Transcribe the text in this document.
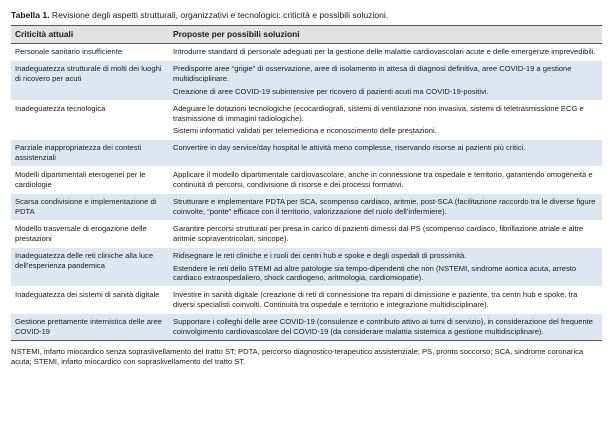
Tabella 1. Revisione degli aspetti strutturali, organizzativi e tecnologici: criticità e possibili soluzioni.
Criticità attuali	Proposte per possibili soluzioni
Personale sanitario insufficiente	Introdurre standard di personale adeguati per la gestione delle malattie cardiovascolari acute e delle emergenze imprevedibili.

Inadeguatezza strutturale di molti dei luoghi di ricovero per acuti	Predisporre aree “grigie” di osservazione, aree di isolamento in attesa di diagnosi definitiva, aree COVID-19 a gestione multidisciplinare.
Creazione di aree COVID-19 subintensive per ricovero di pazienti acuti ma COVID-19-positivi.

Inadeguatezza tecnologica	Adeguare le dotazioni tecnologiche (ecocardiografi, sistemi di ventilazione non invasiva, sistemi di teletrasmissione ECG e trasmissione di immagini radiologiche).
Sistemi informatici validati per telemedicina e riconoscimento delle prestazioni.

Parziale inappropriatezza dei contesti assistenziali	Convertire in day service/day hospital le attività meno complesse, riservando risorse ai pazienti più critici.

Modelli dipartimentali eterogenei per le cardiologie	Applicare il modello dipartimentale cardiovascolare, anche in connessione tra ospedale e territorio, garantendo omogeneità e continuità di percorsi, condivisione di risorse e dei processi formativi.

Scarsa condivisione e implementazione di PDTA	Strutturare e implementare PDTA per SCA, scompenso cardiaco, aritmie, post-SCA (facilitazione raccordo tra le diverse figure coinvolte, “ponte” efficace con il territorio, valorizzazione del ruolo dell’infermiere).

Modello trasversale di erogazione delle prestazioni	Garantire percorsi strutturati per presa in carico di pazienti dimessi dal PS (scompenso cardiaco, fibrillazione atriale e altre aritmie sopraventricolari, sincope).

Inadeguatezza delle reti cliniche alla luce dell’esperienza pandemica	Ridisegnare le reti cliniche e i ruoli dei centri hub e spoke e degli ospedali di prossimità.
Estendere le reti dello STEMI ad altre patologie sia tempo-dipendenti che non (NSTEMI, sindrome aortica acuta, arresto cardiaco extraospedaliero, shock cardiogeno, aritmologia, cardiomiopatie).

Inadeguatezza dei sistemi di sanità digitale	Investire in sanità digitale (creazione di reti di connessione tra reparti di dimissione e paziente, tra centri hub e spoke, tra diversi specialisti coinvolti. Continuità tra ospedale e territorio e integrazione multidisciplinare).

Gestione prettamente internistica delle aree COVID-19	Supportare i colleghi delle aree COVID-19 (consulenze e contributo attivo ai turni di servizio), in considerazione del frequente coinvolgimento cardiovascolare del COVID-19 (da considerare malattia sistemica a gestione multidisciplinare).
NSTEMI, infarto miocardico senza sopraslivellamento del tratto ST; PDTA, percorso diagnostico-terapeutico assistenziale; PS, pronto soccorso; SCA, sindrome coronarica acuta; STEMI, infarto miocardico con sopraslivellamento del tratto ST.
